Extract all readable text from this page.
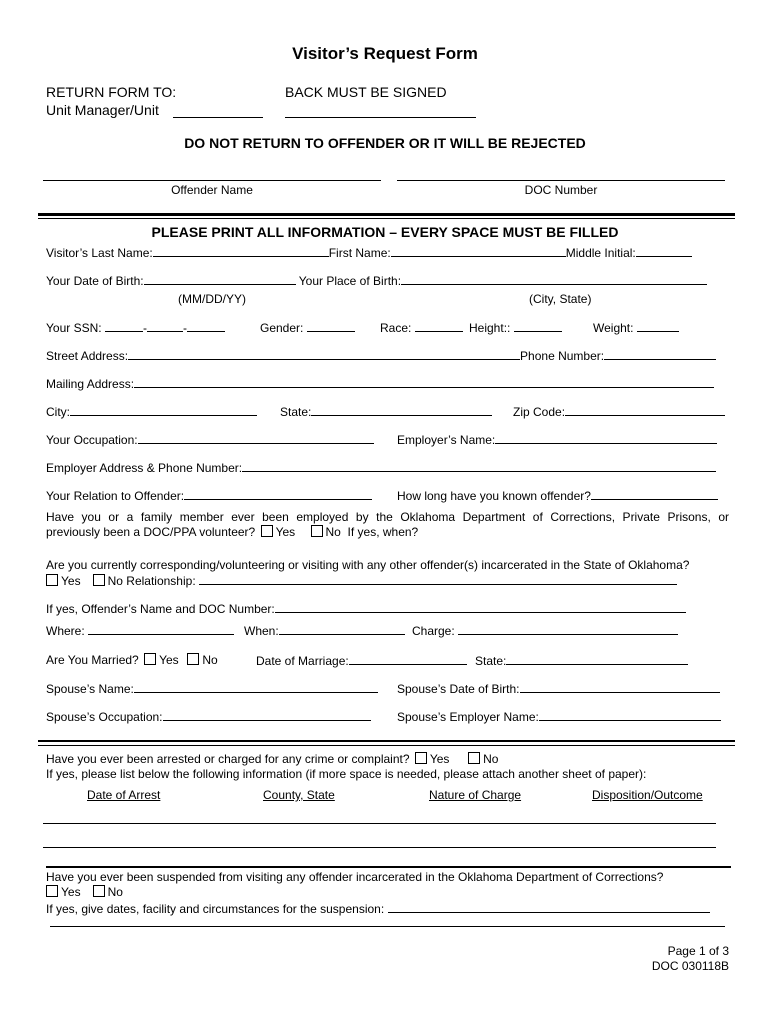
Visitor’s Request Form
RETURN FORM TO:	BACK MUST BE SIGNED
Unit Manager/Unit
DO NOT RETURN TO OFFENDER OR IT WILL BE REJECTED
Offender Name	DOC Number
PLEASE PRINT ALL INFORMATION – EVERY SPACE MUST BE FILLED
Visitor’s Last Name:	First Name:	Middle Initial:
Your Date of Birth:	Your Place of Birth:
(MM/DD/YY)	(City, State)
Your SSN:	-	-	Gender:	Race:	Height::	Weight:
Street Address:	Phone Number:
Mailing Address:
City:	State:	Zip Code:
Your Occupation:	Employer’s Name:
Employer Address & Phone Number:
Your Relation to Offender:	How long have you known offender?
Have you or a family member ever been employed by the Oklahoma Department of Corrections, Private Prisons, or
previously been a DOC/PPA volunteer? Yes	No If yes, when?
Are you currently corresponding/volunteering or visiting with any other offender(s) incarcerated in the State of Oklahoma?
Yes No Relationship:
If yes, Offender’s Name and DOC Number:
Where:	When:	Charge:
Are You Married? Yes No	Date of Marriage:	State:
Spouse’s Name:	Spouse’s Date of Birth:
Spouse’s Occupation:	Spouse’s Employer Name:
Have you ever been arrested or charged for any crime or complaint? Yes	No
If yes, please list below the following information (if more space is needed, please attach another sheet of paper):
Date of Arrest	County, State	Nature of Charge	Disposition/Outcome
Have you ever been suspended from visiting any offender incarcerated in the Oklahoma Department of Corrections?
Yes No
If yes, give dates, facility and circumstances for the suspension:
Page 1 of 3
DOC 030118B
